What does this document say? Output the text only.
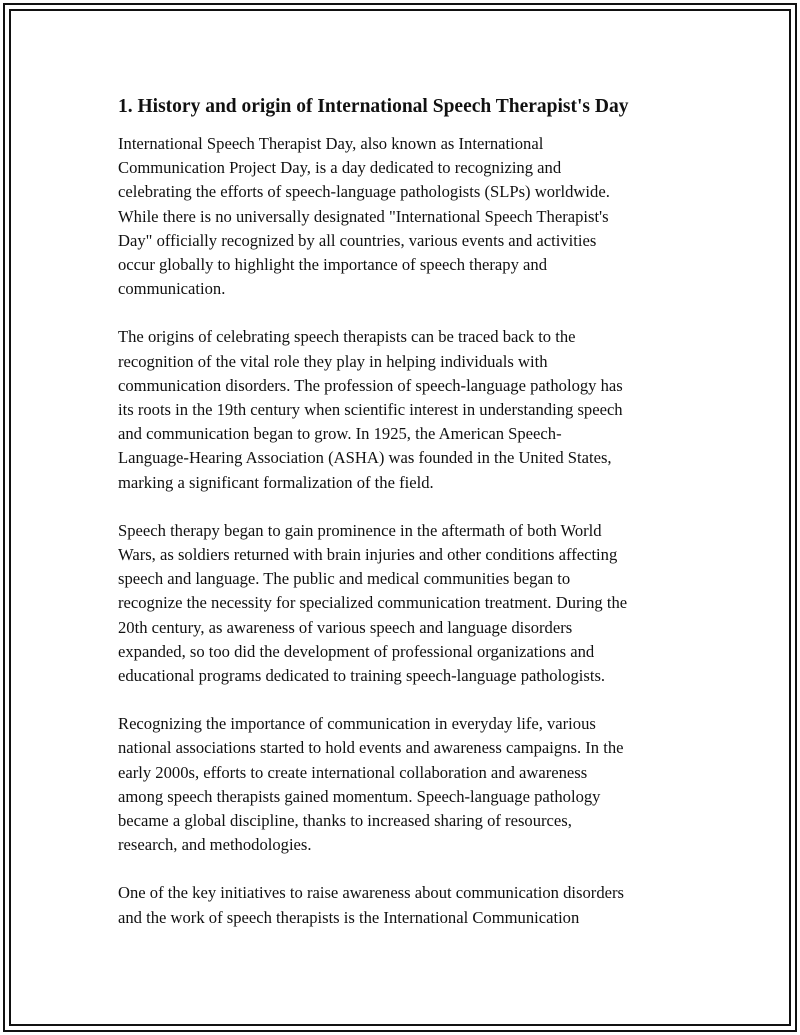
1. History and origin of International Speech Therapist's Day

International Speech Therapist Day, also known as International
Communication Project Day, is a day dedicated to recognizing and
celebrating the efforts of speech-language pathologists (SLPs) worldwide.
While there is no universally designated "International Speech Therapist's
Day" officially recognized by all countries, various events and activities
occur globally to highlight the importance of speech therapy and
communication.

The origins of celebrating speech therapists can be traced back to the
recognition of the vital role they play in helping individuals with
communication disorders. The profession of speech-language pathology has
its roots in the 19th century when scientific interest in understanding speech
and communication began to grow. In 1925, the American Speech-
Language-Hearing Association (ASHA) was founded in the United States,
marking a significant formalization of the field.

Speech therapy began to gain prominence in the aftermath of both World
Wars, as soldiers returned with brain injuries and other conditions affecting
speech and language. The public and medical communities began to
recognize the necessity for specialized communication treatment. During the
20th century, as awareness of various speech and language disorders
expanded, so too did the development of professional organizations and
educational programs dedicated to training speech-language pathologists.

Recognizing the importance of communication in everyday life, various
national associations started to hold events and awareness campaigns. In the
early 2000s, efforts to create international collaboration and awareness
among speech therapists gained momentum. Speech-language pathology
became a global discipline, thanks to increased sharing of resources,
research, and methodologies.

One of the key initiatives to raise awareness about communication disorders
and the work of speech therapists is the International Communication
